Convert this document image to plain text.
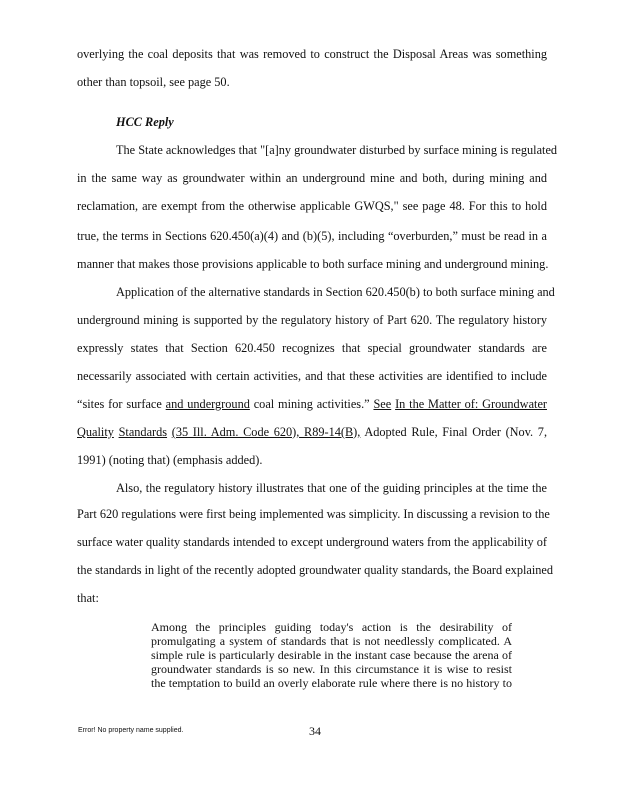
overlying the coal deposits that was removed to construct the Disposal Areas was something
other than topsoil, see page 50.
The State acknowledges that "[a]ny groundwater disturbed by surface mining is regulated
in the same way as groundwater within an underground mine and both, during mining and
reclamation, are exempt from the otherwise applicable GWQS," see page 48. For this to hold
true, the terms in Sections 620.450(a)(4) and (b)(5), including “overburden,” must be read in a
manner that makes those provisions applicable to both surface mining and underground mining.
Application of the alternative standards in Section 620.450(b) to both surface mining and
underground mining is supported by the regulatory history of Part 620. The regulatory history
expressly states that Section 620.450 recognizes that special groundwater standards are
necessarily associated with certain activities, and that these activities are identified to include
“sites for surface and underground coal mining activities.” See In the Matter of: Groundwater
Quality Standards (35 Ill. Adm. Code 620), R89-14(B), Adopted Rule, Final Order (Nov. 7,
1991) (noting that) (emphasis added).
Also, the regulatory history illustrates that one of the guiding principles at the time the
Part 620 regulations were first being implemented was simplicity. In discussing a revision to the
surface water quality standards intended to except underground waters from the applicability of
the standards in light of the recently adopted groundwater quality standards, the Board explained
that:
HCC Reply
Among the principles guiding today's action is the desirability of
promulgating a system of standards that is not needlessly complicated. A
simple rule is particularly desirable in the instant case because the arena of
groundwater standards is so new. In this circumstance it is wise to resist
the temptation to build an overly elaborate rule where there is no history to
Error! No property name supplied.	34
